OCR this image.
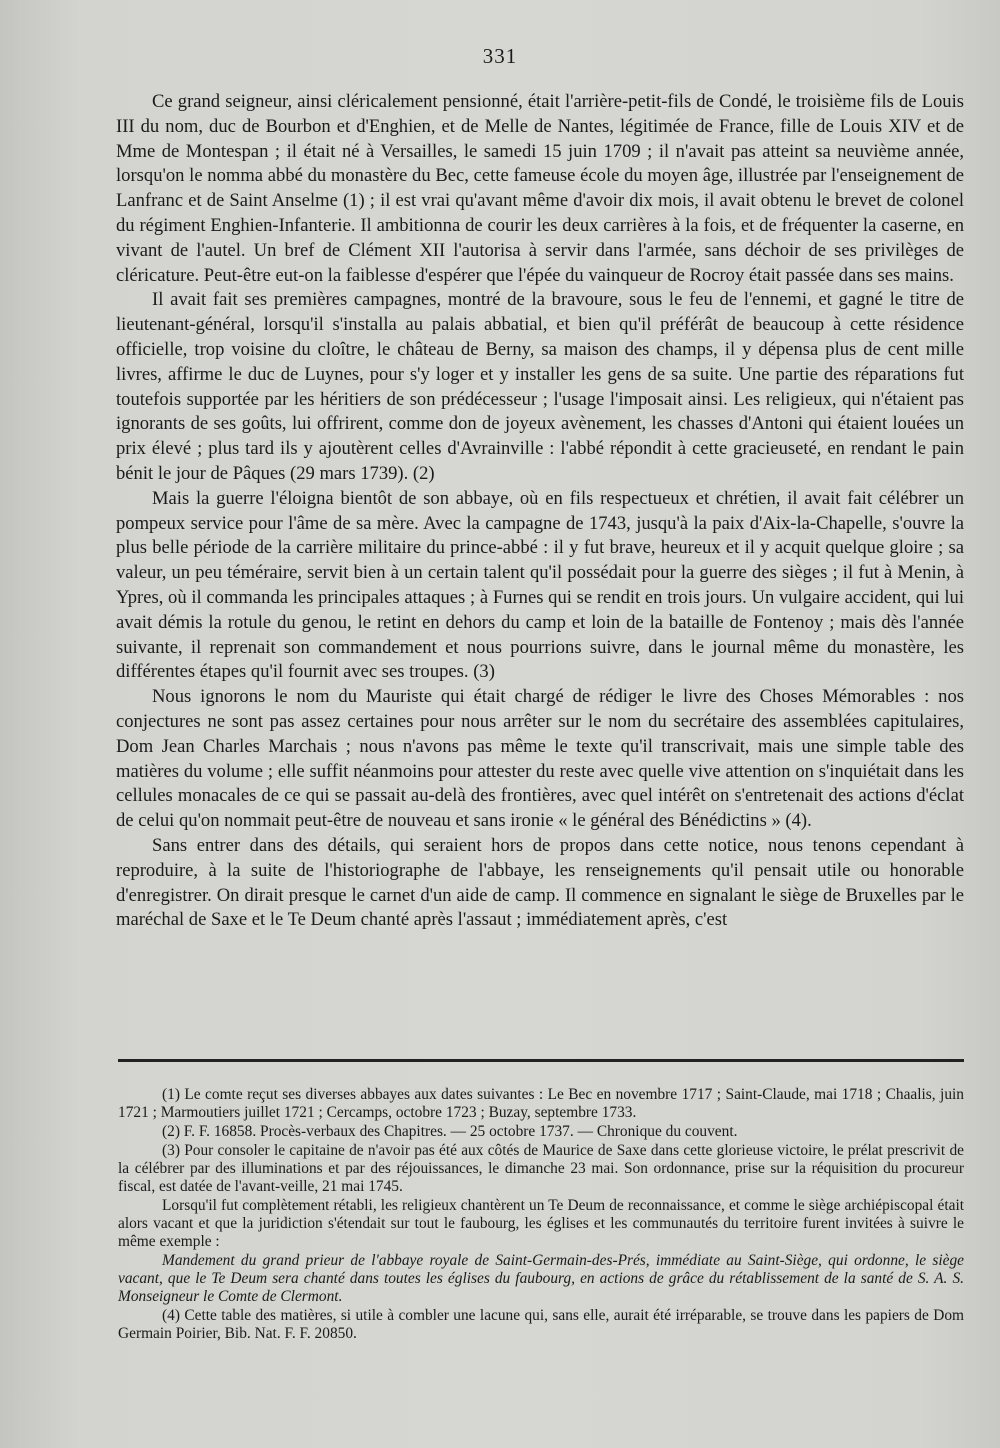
331

Ce grand seigneur, ainsi cléricalement pensionné, était l'arrière-petit-fils de Condé, le troisième fils de Louis III du nom, duc de Bourbon et d'Enghien, et de Melle de Nantes, légitimée de France, fille de Louis XIV et de Mme de Montespan ; il était né à Versailles, le samedi 15 juin 1709 ; il n'avait pas atteint sa neuvième année, lorsqu'on le nomma abbé du monastère du Bec, cette fameuse école du moyen âge, illustrée par l'enseignement de Lanfranc et de Saint Anselme (1) ; il est vrai qu'avant même d'avoir dix mois, il avait obtenu le brevet de colonel du régiment Enghien-Infanterie. Il ambitionna de courir les deux carrières à la fois, et de fréquenter la caserne, en vivant de l'autel. Un bref de Clément XII l'autorisa à servir dans l'armée, sans déchoir de ses privilèges de cléricature. Peut-être eut-on la faiblesse d'espérer que l'épée du vainqueur de Rocroy était passée dans ses mains.

Il avait fait ses premières campagnes, montré de la bravoure, sous le feu de l'ennemi, et gagné le titre de lieutenant-général, lorsqu'il s'installa au palais abbatial, et bien qu'il préférât de beaucoup à cette résidence officielle, trop voisine du cloître, le château de Berny, sa maison des champs, il y dépensa plus de cent mille livres, affirme le duc de Luynes, pour s'y loger et y installer les gens de sa suite. Une partie des réparations fut toutefois supportée par les héritiers de son prédécesseur ; l'usage l'imposait ainsi. Les religieux, qui n'étaient pas ignorants de ses goûts, lui offrirent, comme don de joyeux avènement, les chasses d'Antoni qui étaient louées un prix élevé ; plus tard ils y ajoutèrent celles d'Avrainville : l'abbé répondit à cette gracieuseté, en rendant le pain bénit le jour de Pâques (29 mars 1739). (2)

Mais la guerre l'éloigna bientôt de son abbaye, où en fils respectueux et chrétien, il avait fait célébrer un pompeux service pour l'âme de sa mère. Avec la campagne de 1743, jusqu'à la paix d'Aix-la-Chapelle, s'ouvre la plus belle période de la carrière militaire du prince-abbé : il y fut brave, heureux et il y acquit quelque gloire ; sa valeur, un peu téméraire, servit bien à un certain talent qu'il possédait pour la guerre des sièges ; il fut à Menin, à Ypres, où il commanda les principales attaques ; à Furnes qui se rendit en trois jours. Un vulgaire accident, qui lui avait démis la rotule du genou, le retint en dehors du camp et loin de la bataille de Fontenoy ; mais dès l'année suivante, il reprenait son commandement et nous pourrions suivre, dans le journal même du monastère, les différentes étapes qu'il fournit avec ses troupes. (3)

Nous ignorons le nom du Mauriste qui était chargé de rédiger le livre des Choses Mémorables : nos conjectures ne sont pas assez certaines pour nous arrêter sur le nom du secrétaire des assemblées capitulaires, Dom Jean Charles Marchais ; nous n'avons pas même le texte qu'il transcrivait, mais une simple table des matières du volume ; elle suffit néanmoins pour attester du reste avec quelle vive attention on s'inquiétait dans les cellules monacales de ce qui se passait au-delà des frontières, avec quel intérêt on s'entretenait des actions d'éclat de celui qu'on nommait peut-être de nouveau et sans ironie « le général des Bénédictins » (4).

Sans entrer dans des détails, qui seraient hors de propos dans cette notice, nous tenons cependant à reproduire, à la suite de l'historiographe de l'abbaye, les renseignements qu'il pensait utile ou honorable d'enregistrer. On dirait presque le carnet d'un aide de camp. Il commence en signalant le siège de Bruxelles par le maréchal de Saxe et le Te Deum chanté après l'assaut ; immédiatement après, c'est

(1) Le comte reçut ses diverses abbayes aux dates suivantes : Le Bec en novembre 1717 ; Saint-Claude, mai 1718 ; Chaalis, juin 1721 ; Marmoutiers juillet 1721 ; Cercamps, octobre 1723 ; Buzay, septembre 1733.

(2) F. F. 16858. Procès-verbaux des Chapitres. — 25 octobre 1737. — Chronique du couvent.

(3) Pour consoler le capitaine de n'avoir pas été aux côtés de Maurice de Saxe dans cette glorieuse victoire, le prélat prescrivit de la célébrer par des illuminations et par des réjouissances, le dimanche 23 mai. Son ordonnance, prise sur la réquisition du procureur fiscal, est datée de l'avant-veille, 21 mai 1745.

Lorsqu'il fut complètement rétabli, les religieux chantèrent un Te Deum de reconnaissance, et comme le siège archiépiscopal était alors vacant et que la juridiction s'étendait sur tout le faubourg, les églises et les communautés du territoire furent invitées à suivre le même exemple :

Mandement du grand prieur de l'abbaye royale de Saint-Germain-des-Prés, immédiate au Saint-Siège, qui ordonne, le siège vacant, que le Te Deum sera chanté dans toutes les églises du faubourg, en actions de grâce du rétablissement de la santé de S. A. S. Monseigneur le Comte de Clermont.

(4) Cette table des matières, si utile à combler une lacune qui, sans elle, aurait été irréparable, se trouve dans les papiers de Dom Germain Poirier, Bib. Nat. F. F. 20850.
